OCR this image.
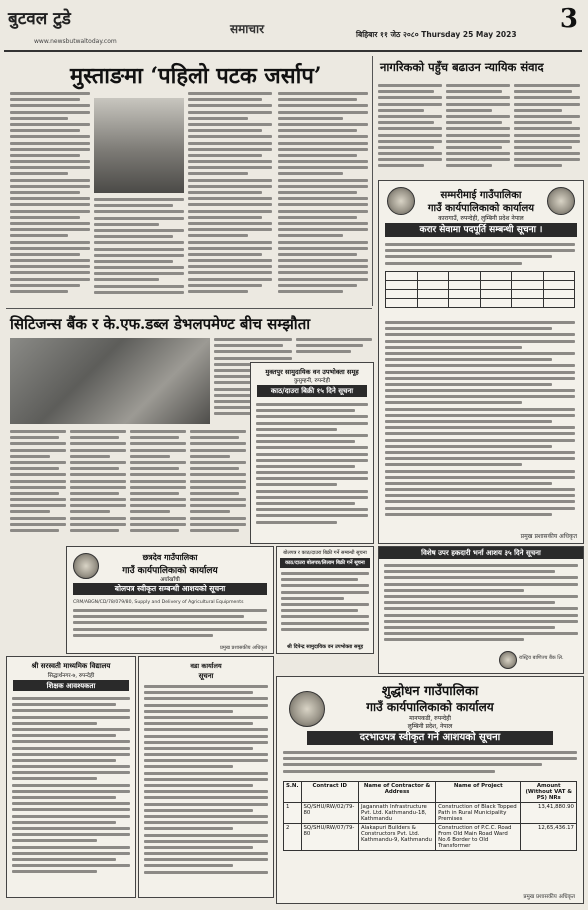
बुटवल टुडे
www.newsbutwaltoday.com
समाचार	बिहिबार ११ जेठ २०८० Thursday 25 May 2023
3
मुस्ताङमा ‘पहिलो पटक जर्साप’	नागरिकको पहुँच बढाउन न्यायिक संवाद
सम्मरीमाई गाउँपालिका
गाउँ कार्यपालिकाको कार्यालय
कारागाउँ, रुपन्देही, लुम्बिनी प्रदेश नेपाल
करार सेवामा पदपूर्ति सम्बन्धी सूचना ।

प्रमुख प्रशासकीय अधिकृत
सिटिजन्स बैंक र के.एफ.डब्ल डेभलपमेण्ट बीच सम्झौता
मुक्तपुर सामुदायिक वन उपभोक्ता समूह
कुसुम्हनी, रुपन्देही
काठ/दाउरा बिक्री १५ दिने सूचना
छत्रदेव गाउँपालिका
गाउँ कार्यपालिकाको कार्यालय
अर्घाखाँची
बोलपत्र स्वीकृत सम्बन्धी आशयको सूचना
CRM/ABGN/CD/78/079/80, Supply and Delivery of Agricultural Equipments
प्रमुख प्रशासकीय अधिकृत
बोलपत्र र काठ/दाउरा बिक्री गर्ने सम्बन्धी सूचना
काठ/दाउरा बोलपत्र/लिलाम बिक्री गर्ने सूचना
श्री दिपेन्द्र सामुदायिक वन उपभोक्ता समूह
विशेष उपर हकदारी भर्ना आशय ३५ दिने सूचना
रास्ट्रिय बाणिज्य बैंक लि.
श्री सरस्वती माध्यमिक विद्यालय
सिद्धार्थनगर-७, रुपन्देही
शिक्षक आवश्यकता
वडा कार्यालय
सूचना
शुद्धोधन गाउँपालिका
गाउँ कार्यपालिकाको कार्यालय
मानपकडी, रुपन्देही
लुम्बिनी प्रदेश, नेपाल
दरभाउपत्र स्वीकृत गर्ने आशयको सूचना
S.N.	Contract ID	Name of Contractor & Address	Name of Project	Amount (Without VAT & PS) NRs
1	SQ/SHU/RW/02/79-80	Jagannath Infrastructure Pvt. Ltd. Kathmandu-18, Kathmandu	Construction of Black Topped Path in Rural Municipality Premises	13,41,880.90
2	SQ/SHU/RW/07/79-80	Alakapuri Builders & Constructors Pvt. Ltd. Kathmandu-9, Kathmandu	Construction of P.C.C. Road From Old Main Road Ward No.6 Border to Old Transformer	12,65,436.17
प्रमुख प्रशासकीय अधिकृत
